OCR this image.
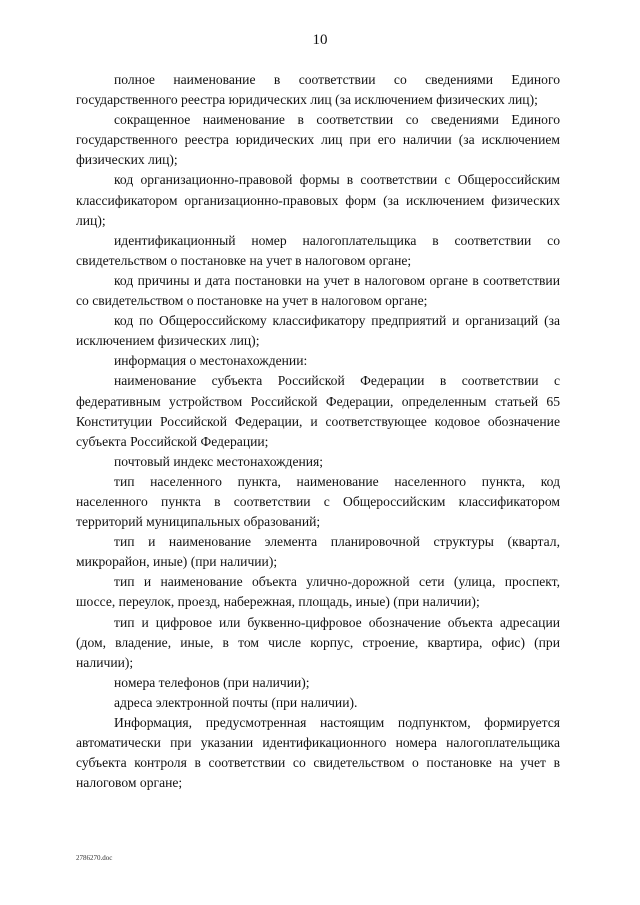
10

полное наименование в соответствии со сведениями Единого государственного реестра юридических лиц (за исключением физических лиц);

сокращенное наименование в соответствии со сведениями Единого государственного реестра юридических лиц при его наличии (за исключением физических лиц);

код организационно-правовой формы в соответствии с Общероссийским классификатором организационно-правовых форм (за исключением физических лиц);

идентификационный номер налогоплательщика в соответствии со свидетельством о постановке на учет в налоговом органе;

код причины и дата постановки на учет в налоговом органе в соответствии со свидетельством о постановке на учет в налоговом органе;

код по Общероссийскому классификатору предприятий и организаций (за исключением физических лиц);

информация о местонахождении:

наименование субъекта Российской Федерации в соответствии с федеративным устройством Российской Федерации, определенным статьей 65 Конституции Российской Федерации, и соответствующее кодовое обозначение субъекта Российской Федерации;

почтовый индекс местонахождения;

тип населенного пункта, наименование населенного пункта, код населенного пункта в соответствии с Общероссийским классификатором территорий муниципальных образований;

тип и наименование элемента планировочной структуры (квартал, микрорайон, иные) (при наличии);

тип и наименование объекта улично-дорожной сети (улица, проспект, шоссе, переулок, проезд, набережная, площадь, иные) (при наличии);

тип и цифровое или буквенно-цифровое обозначение объекта адресации (дом, владение, иные, в том числе корпус, строение, квартира, офис) (при наличии);

номера телефонов (при наличии);

адреса электронной почты (при наличии).

Информация, предусмотренная настоящим подпунктом, формируется автоматически при указании идентификационного номера налогоплательщика субъекта контроля в соответствии со свидетельством о постановке на учет в налоговом органе;

2786270.doc
